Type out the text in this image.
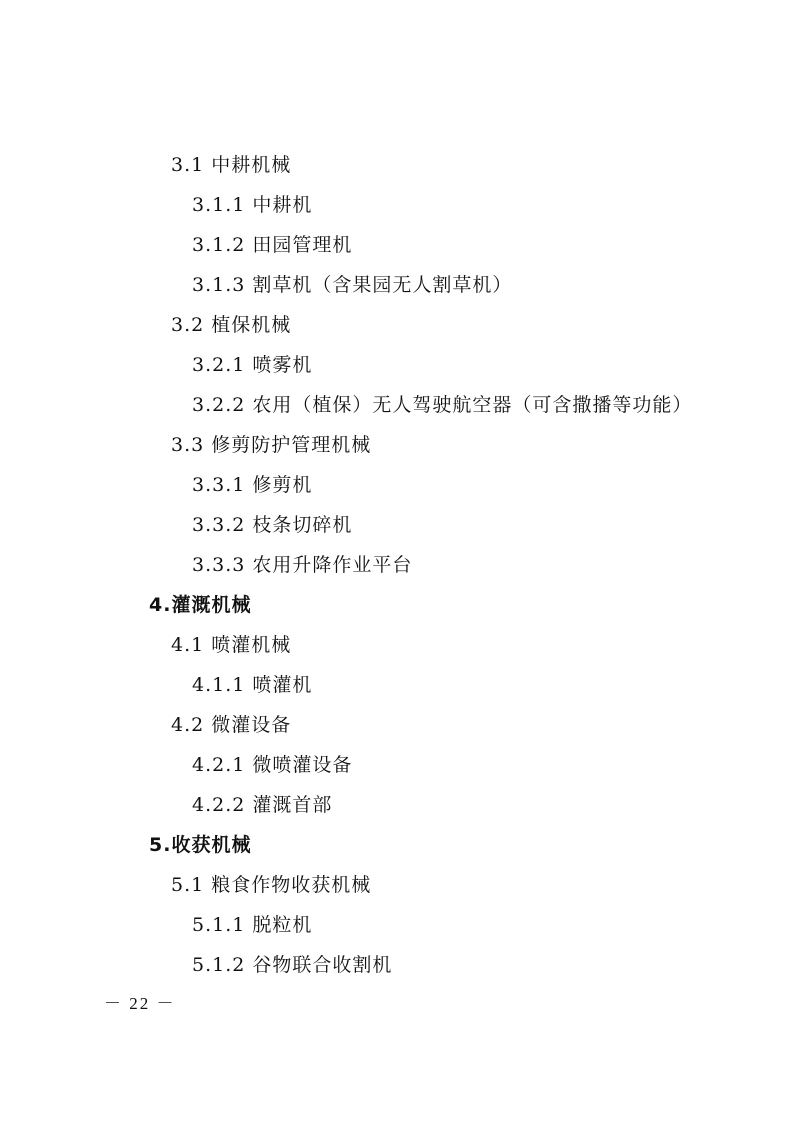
3.1 中耕机械
3.1.1 中耕机
3.1.2 田园管理机
3.1.3 割草机（含果园无人割草机）
3.2 植保机械
3.2.1 喷雾机
3.2.2 农用（植保）无人驾驶航空器（可含撒播等功能）
3.3 修剪防护管理机械
3.3.1 修剪机
3.3.2 枝条切碎机
3.3.3 农用升降作业平台
4.灌溉机械
4.1 喷灌机械
4.1.1 喷灌机
4.2 微灌设备
4.2.1 微喷灌设备
4.2.2 灌溉首部
5.收获机械
5.1 粮食作物收获机械
5.1.1 脱粒机
5.1.2 谷物联合收割机
－ 22 －
